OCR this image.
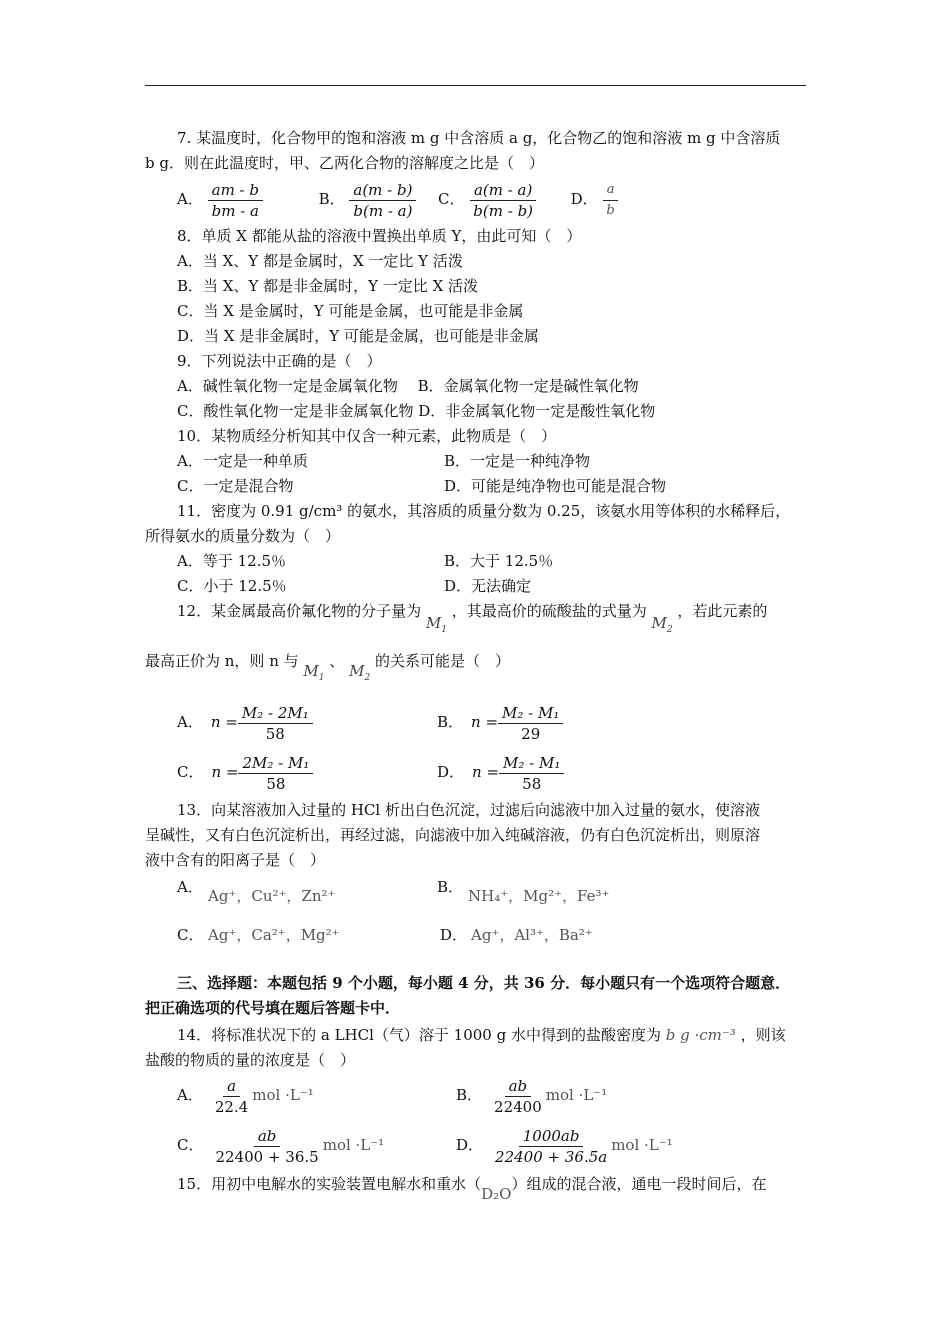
7. 某温度时，化合物甲的饱和溶液 m g 中含溶质 a g，化合物乙的饱和溶液 m g 中含溶质
b g．则在此温度时，甲、乙两化合物的溶解度之比是（　）
A． $\frac{am - b}{bm - a}$	B． $\frac{a(m - b)}{b(m - a)}$ C． $\frac{a(m - a)}{b(m - b)}$ D． $\frac{a}{b}$
8．单质 X 都能从盐的溶液中置换出单质 Y，由此可知（　）
A．当 X、Y 都是金属时，X 一定比 Y 活泼
B．当 X、Y 都是非金属时，Y 一定比 X 活泼
C．当 X 是金属时，Y 可能是金属，也可能是非金属
D．当 X 是非金属时，Y 可能是金属，也可能是非金属
9．下列说法中正确的是（　）
A．碱性氧化物一定是金属氧化物　 B．金属氧化物一定是碱性氧化物
C．酸性氧化物一定是非金属氧化物 D．非金属氧化物一定是酸性氧化物
10．某物质经分析知其中仅含一种元素，此物质是（　）
A．一定是一种单质	B．一定是一种纯净物
C．一定是混合物	D．可能是纯净物也可能是混合物
11．密度为 0.91 g/cm³ 的氨水，其溶质的质量分数为 0.25，该氨水用等体积的水稀释后，
所得氨水的质量分数为（　）
A．等于 12.5％	B．大于 12.5％
C．小于 12.5％	D．无法确定
12．某金属最高价氟化物的分子量为 $M_1$ ，其最高价的硫酸盐的式量为 $M_2$ ，若此元素的
最高正价为 n，则 n 与 $M_1$ 、 $M_2$ 的关系可能是（　）
A． $n = \frac{\text{M₂ - 2M₁}}{58}$	B． $n = \frac{\text{M₂ - M₁}}{29}$
C． $n = \frac{\text{2M₂ - M₁}}{58}$	D． $n = \frac{\text{M₂ - M₁}}{58}$
13．向某溶液加入过量的 HCl 析出白色沉淀，过滤后向滤液中加入过量的氨水，使溶液
呈碱性，又有白色沉淀析出，再经过滤，向滤液中加入纯碱溶液，仍有白色沉淀析出，则原溶
液中含有的阳离子是（　）
A． Ag⁺，Cu²⁺，Zn²⁺	B． NH₄⁺，Mg²⁺，Fe³⁺
C． Ag⁺，Ca²⁺，Mg²⁺	D． Ag⁺，Al³⁺，Ba²⁺
三、选择题：本题包括 9 个小题，每小题 4 分，共 36 分．每小题只有一个选项符合题意．
把正确选项的代号填在题后答题卡中．
14．将标准状况下的 a LHCl（气）溶于 1000 g 水中得到的盐酸密度为 b g ·cm⁻³ ，则该
盐酸的物质的量的浓度是（　）
A． $\frac{a}{22.4}$ mol ·L⁻¹	B． $\frac{ab}{22400}$ mol ·L⁻¹
C． $\frac{ab}{22400 + 36.5}$ mol ·L⁻¹	D． $\frac{1000ab}{22400 + 36.5a}$ mol ·L⁻¹
15．用初中电解水的实验装置电解水和重水（D₂O）组成的混合液，通电一段时间后，在
